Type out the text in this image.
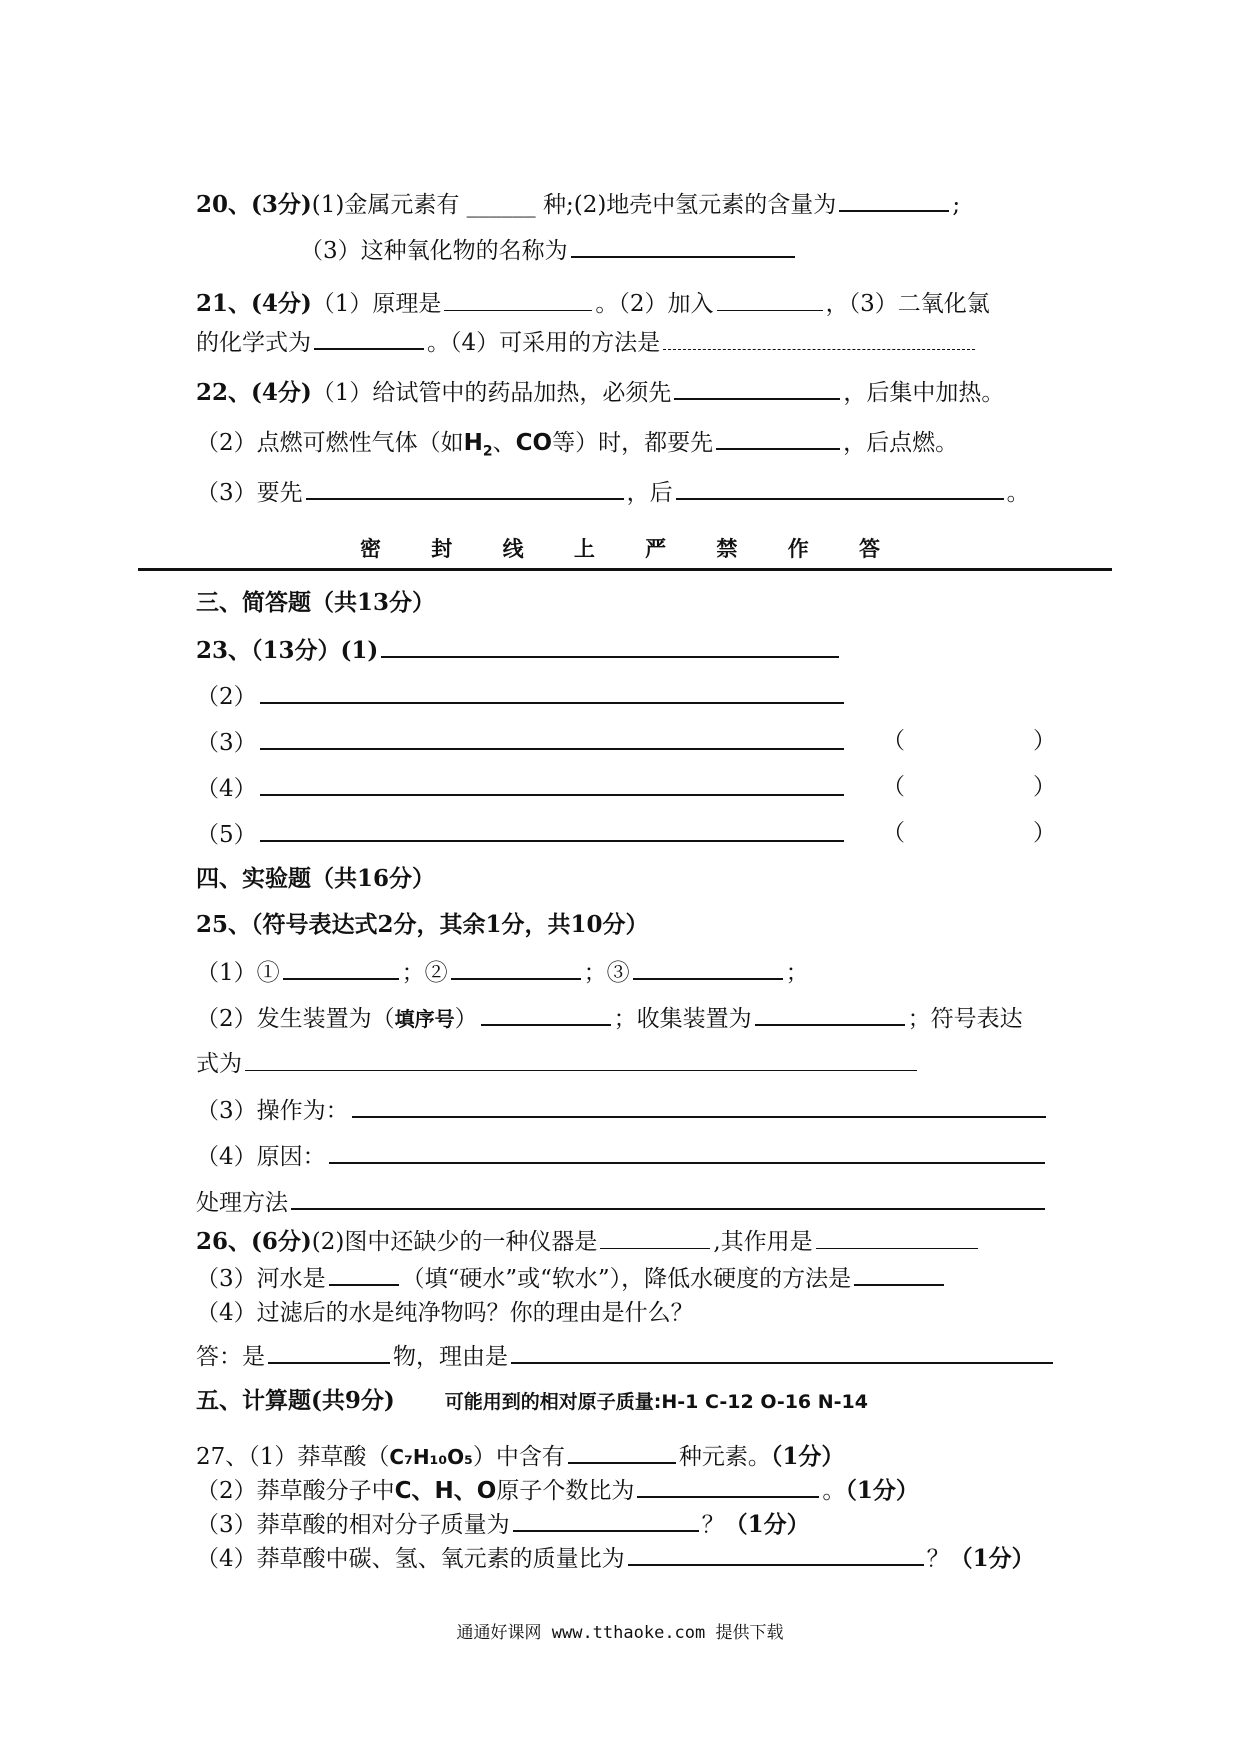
20、(3分)(1)金属元素有 ______ 种;(2)地壳中氢元素的含量为	;
（3）这种氧化物的名称为
21、(4分)（1）原理是	。（2）加入	，（3）二氧化氯
的化学式为	。（4）可采用的方法是
22、(4分)（1）给试管中的药品加热，必须先	，后集中加热。
（2）点燃可燃性气体（如$H_2$、CO等）时，都要先	，后点燃。
（3）要先	，后	。
密 封 线 上 严 禁 作 答
三、简答题（共13分）
23、（13分）(1)
（2）
（3）
（4）
（5）
（	）
（	）
（	）
四、实验题（共16分）
25、（符号表达式2分，其余1分，共10分）
（1）①	；②	；③	；
（2）发生装置为（填序号）	；收集装置为	；符号表达
式为
（3）操作为：
（4）原因：
处理方法
26、(6分)(2)图中还缺少的一种仪器是	,其作用是
（3）河水是	（填“硬水”或“软水”），降低水硬度的方法是
（4）过滤后的水是纯净物吗？你的理由是什么？
答：是	物，理由是
五、计算题(共9分)	可能用到的相对原子质量:H-1 C-12 O-16 N-14
27、（1）莽草酸（C₇H₁₀O₅）中含有	种元素。（1分）
（2）莽草酸分子中C、H、O原子个数比为	。（1分）
（3）莽草酸的相对分子质量为	？（1分）
（4）莽草酸中碳、氢、氧元素的质量比为	？（1分）
通通好课网 www.tthaoke.com 提供下载
